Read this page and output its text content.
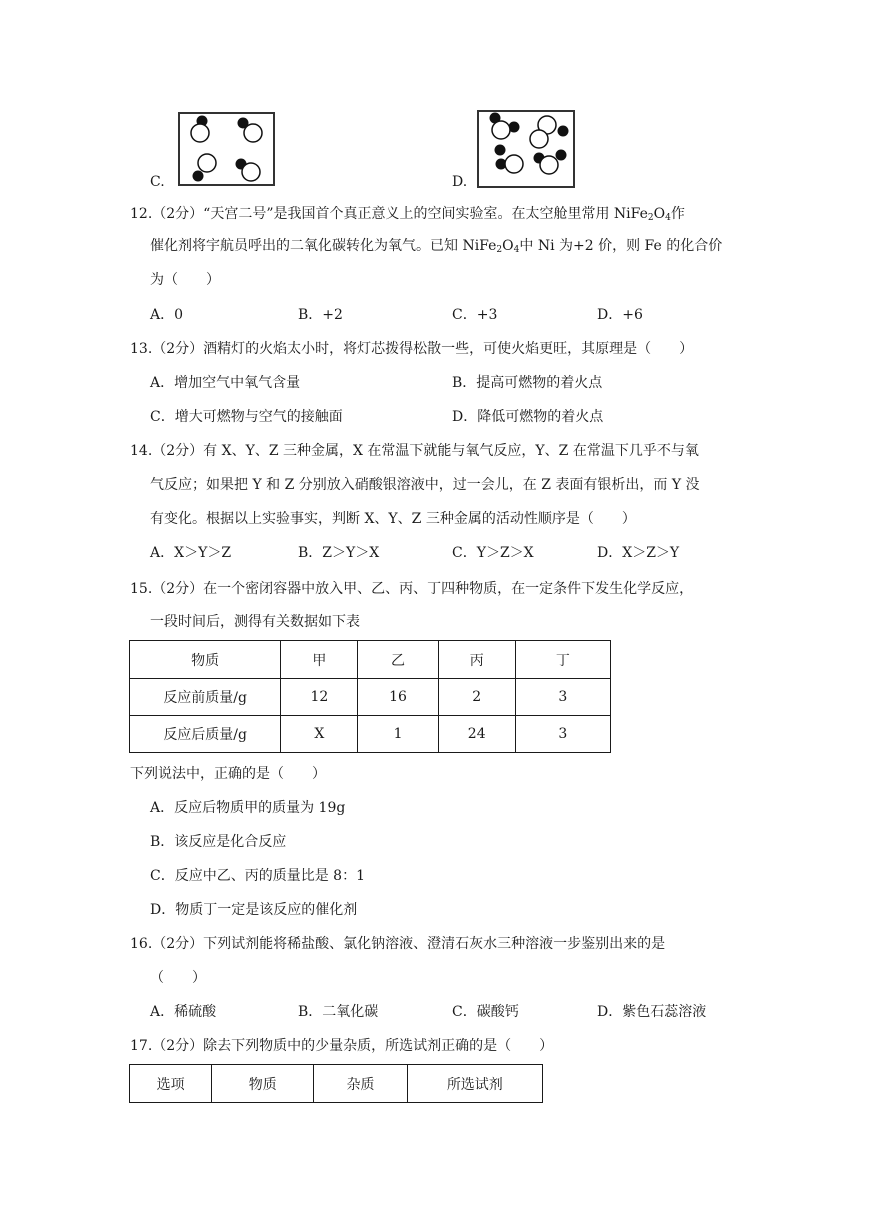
C.	D.
12.（2分）“天宫二号”是我国首个真正意义上的空间实验室。在太空舱里常用 $NiFe_2O_4$作
催化剂将宇航员呼出的二氧化碳转化为氧气。已知 $NiFe_2O_4$中 Ni 为+2 价，则 Fe 的化合价
为（　　）
A．0	B．+2	C．+3	D．+6
13.（2分）酒精灯的火焰太小时，将灯芯拨得松散一些，可使火焰更旺，其原理是（　　）
A．增加空气中氧气含量	B．提高可燃物的着火点
C．增大可燃物与空气的接触面	D．降低可燃物的着火点
14.（2分）有 X、Y、Z 三种金属，X 在常温下就能与氧气反应，Y、Z 在常温下几乎不与氧
气反应；如果把 Y 和 Z 分别放入硝酸银溶液中，过一会儿，在 Z 表面有银析出，而 Y 没
有变化。根据以上实验事实，判断 X、Y、Z 三种金属的活动性顺序是（　　）
A．X＞Y＞Z	B．Z＞Y＞X	C．Y＞Z＞X	D．X＞Z＞Y
15.（2分）在一个密闭容器中放入甲、乙、丙、丁四种物质，在一定条件下发生化学反应，
一段时间后，测得有关数据如下表
物质	甲	乙	丙	丁
反应前质量/g	12	16	2	3
反应后质量/g	X	1	24	3
下列说法中，正确的是（　　）
A．反应后物质甲的质量为 19g
B．该反应是化合反应
C．反应中乙、丙的质量比是 8：1
D．物质丁一定是该反应的催化剂
16.（2分）下列试剂能将稀盐酸、氯化钠溶液、澄清石灰水三种溶液一步鉴别出来的是
（　　）
A．稀硫酸	B．二氧化碳	C．碳酸钙	D．紫色石蕊溶液
17.（2分）除去下列物质中的少量杂质，所选试剂正确的是（　　）
选项	物质	杂质	所选试剂
